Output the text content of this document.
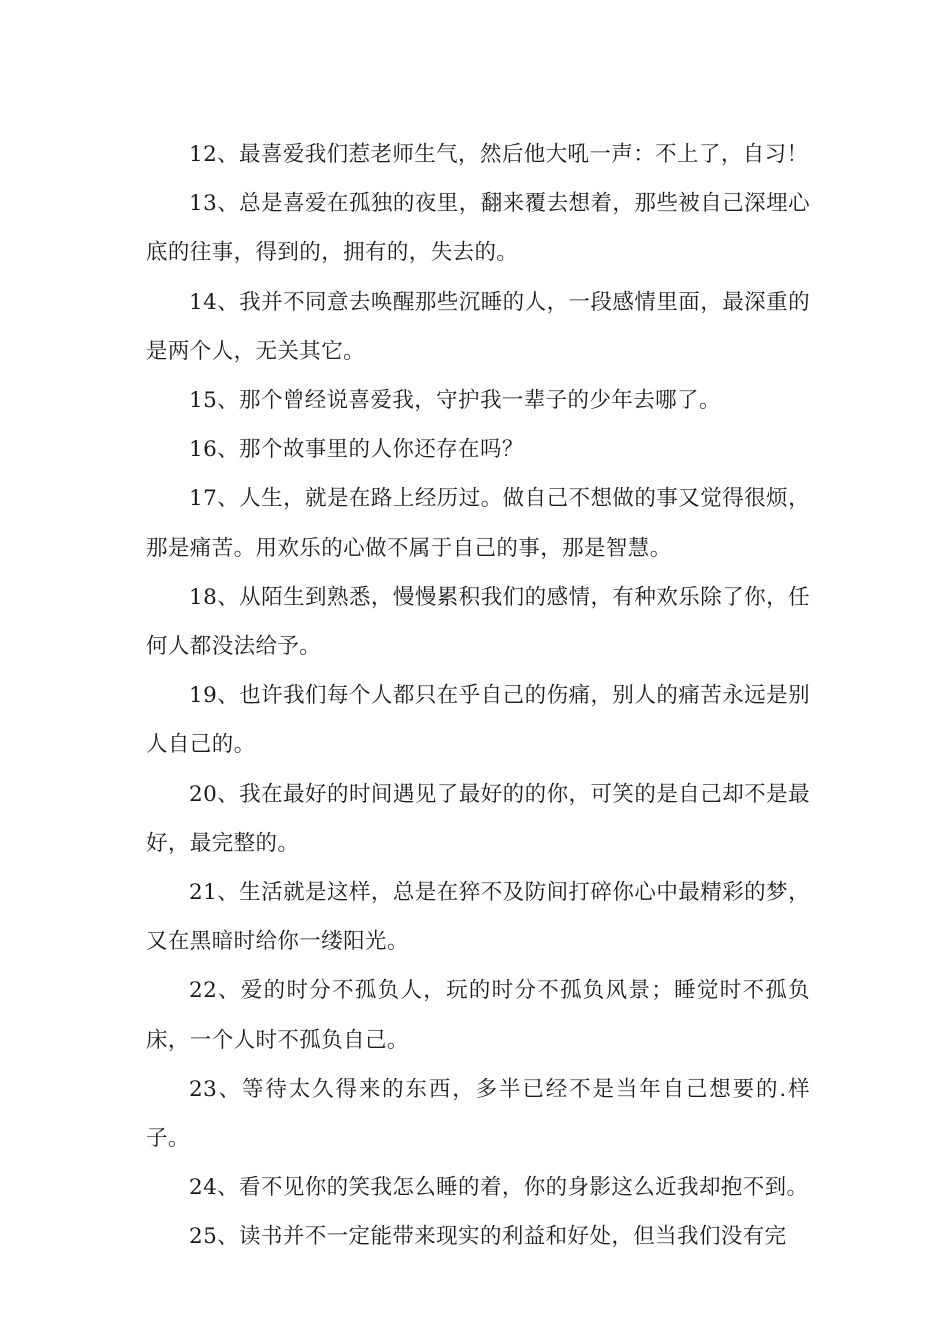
12、最喜爱我们惹老师生气，然后他大吼一声：不上了，自习！

13、总是喜爱在孤独的夜里，翻来覆去想着，那些被自己深埋心底的往事，得到的，拥有的，失去的。

14、我并不同意去唤醒那些沉睡的人，一段感情里面，最深重的是两个人，无关其它。

15、那个曾经说喜爱我，守护我一辈子的少年去哪了。

16、那个故事里的人你还存在吗？

17、人生，就是在路上经历过。做自己不想做的事又觉得很烦，那是痛苦。用欢乐的心做不属于自己的事，那是智慧。

18、从陌生到熟悉，慢慢累积我们的感情，有种欢乐除了你，任何人都没法给予。

19、也许我们每个人都只在乎自己的伤痛，别人的痛苦永远是别人自己的。

20、我在最好的时间遇见了最好的的你，可笑的是自己却不是最好，最完整的。

21、生活就是这样，总是在猝不及防间打碎你心中最精彩的梦，又在黑暗时给你一缕阳光。

22、爱的时分不孤负人，玩的时分不孤负风景；睡觉时不孤负床，一个人时不孤负自己。

23、等待太久得来的东西，多半已经不是当年自己想要的.样子。

24、看不见你的笑我怎么睡的着，你的身影这么近我却抱不到。

25、读书并不一定能带来现实的利益和好处，但当我们没有完
